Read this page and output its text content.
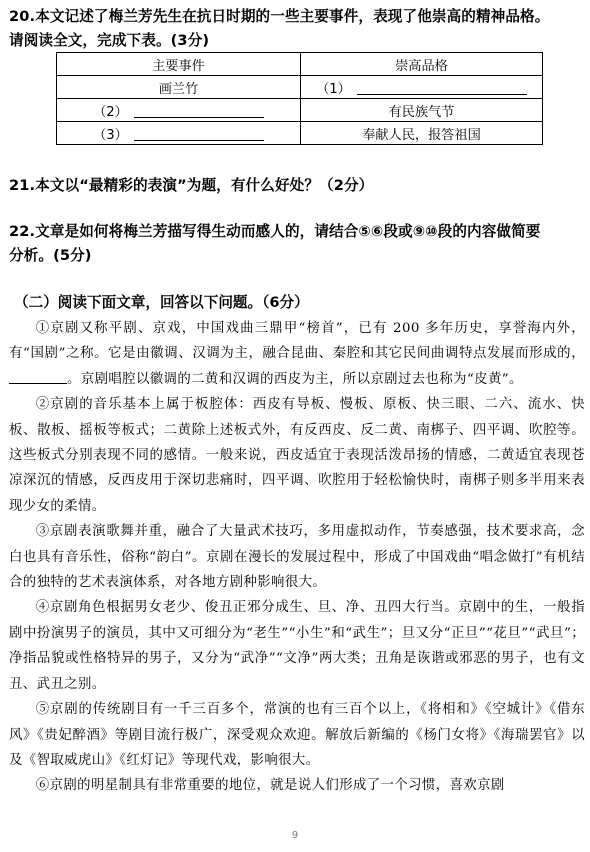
20.本文记述了梅兰芳先生在抗日时期的一些主要事件，表现了他崇高的精神品格。
请阅读全文，完成下表。(3分)
主要事件	崇高品格
画兰竹	（1）
（2）	有民族气节
（3）	奉献人民，报答祖国
21.本文以“最精彩的表演”为题，有什么好处？（2分）
22.文章是如何将梅兰芳描写得生动而感人的，请结合⑤⑥段或⑨⑩段的内容做简要
分析。(5分)
（二）阅读下面文章，回答以下问题。（6分）

①京剧又称平剧、京戏，中国戏曲三鼎甲“榜首”，已有 200 多年历史，享誉海内外，有“国剧”之称。它是由徽调、汉调为主，融合昆曲、秦腔和其它民间曲调特点发展而形成的，。京剧唱腔以徽调的二黄和汉调的西皮为主，所以京剧过去也称为“皮黄”。

②京剧的音乐基本上属于板腔体：西皮有导板、慢板、原板、快三眼、二六、流水、快板、散板、摇板等板式；二黄除上述板式外，有反西皮、反二黄、南梆子、四平调、吹腔等。这些板式分别表现不同的感情。一般来说，西皮适宜于表现活泼昂扬的情感，二黄适宜表现苍凉深沉的情感，反西皮用于深切悲痛时，四平调、吹腔用于轻松愉快时，南梆子则多半用来表现少女的柔情。

③京剧表演歌舞并重，融合了大量武术技巧，多用虚拟动作，节奏感强，技术要求高，念白也具有音乐性，俗称“韵白”。京剧在漫长的发展过程中，形成了中国戏曲“唱念做打”有机结合的独特的艺术表演体系，对各地方剧种影响很大。

④京剧角色根据男女老少、俊丑正邪分成生、旦、净、丑四大行当。京剧中的生，一般指剧中扮演男子的演员，其中又可细分为“老生”“小生”和“武生”；旦又分“正旦”“花旦”“武旦”；净指品貌或性格特异的男子，又分为“武净”“文净”两大类；丑角是诙谐或邪恶的男子，也有文丑、武丑之别。

⑤京剧的传统剧目有一千三百多个，常演的也有三百个以上，《将相和》《空城计》《借东风》《贵妃醉酒》等剧目流行极广，深受观众欢迎。解放后新编的《杨门女将》《海瑞罢官》以及《智取威虎山》《红灯记》等现代戏，影响很大。

⑥京剧的明星制具有非常重要的地位，就是说人们形成了一个习惯，喜欢京剧

9
